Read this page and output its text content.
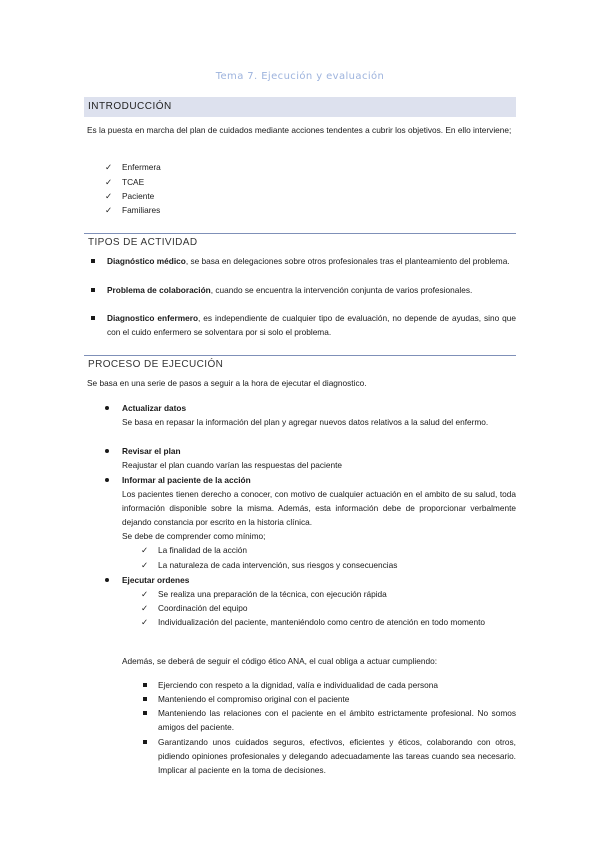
Tema 7. Ejecución y evaluación
INTRODUCCIÓN
Es la puesta en marcha del plan de cuidados mediante acciones tendentes a cubrir los objetivos. En ello interviene;
✓ Enfermera
✓ TCAE
✓ Paciente
✓ Familiares
TIPOS DE ACTIVIDAD
Diagnóstico médico, se basa en delegaciones sobre otros profesionales tras el planteamiento del problema.
Problema de colaboración, cuando se encuentra la intervención conjunta de varios profesionales.
Diagnostico enfermero, es independiente de cualquier tipo de evaluación, no depende de ayudas, sino que con el cuido enfermero se solventara por si solo el problema.
PROCESO DE EJECUCIÓN
Se basa en una serie de pasos a seguir a la hora de ejecutar el diagnostico.
Actualizar datos
Se basa en repasar la información del plan y agregar nuevos datos relativos a la salud del enfermo.
Revisar el plan
Reajustar el plan cuando varían las respuestas del paciente
Informar al paciente de la acción
Los pacientes tienen derecho a conocer, con motivo de cualquier actuación en el ambito de su salud, toda información disponible sobre la misma. Además, esta información debe de proporcionar verbalmente dejando constancia por escrito en la historia clínica.
Se debe de comprender como mínimo;
✓ La finalidad de la acción
✓ La naturaleza de cada intervención, sus riesgos y consecuencias
Ejecutar ordenes
✓ Se realiza una preparación de la técnica, con ejecución rápida
✓ Coordinación del equipo
✓ Individualización del paciente, manteniéndolo como centro de atención en todo momento
Además, se deberá de seguir el código ético ANA, el cual obliga a actuar cumpliendo:
Ejerciendo con respeto a la dignidad, valía e individualidad de cada persona
Manteniendo el compromiso original con el paciente
Manteniendo las relaciones con el paciente en el ámbito estrictamente profesional. No somos amigos del paciente.
Garantizando unos cuidados seguros, efectivos, eficientes y éticos, colaborando con otros, pidiendo opiniones profesionales y delegando adecuadamente las tareas cuando sea necesario. Implicar al paciente en la toma de decisiones.
